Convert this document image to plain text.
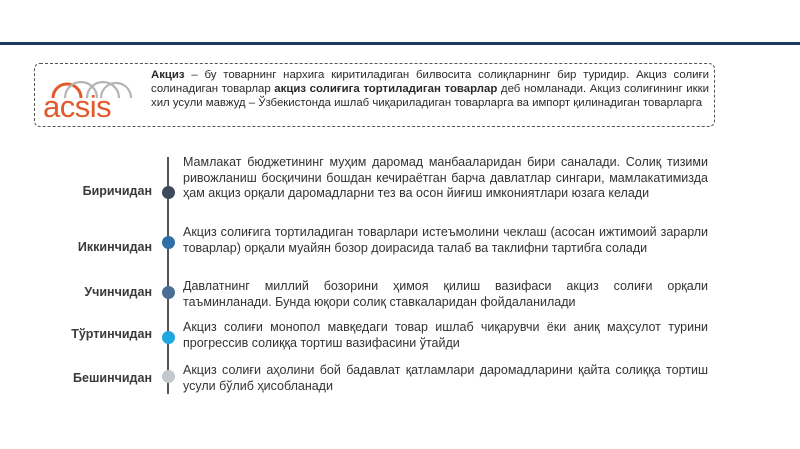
acsis
Акциз – бу товарнинг нархига киритиладиган билвосита солиқларнинг бир туридир. Акциз солиғи солинадиган товарлар акциз солиғига тортиладиган товарлар деб номланади. Акциз солиғининг икки хил усули мавжуд – Ўзбекистонда ишлаб чиқариладиган товарларга ва импорт қилинадиган товарларга
Биричидан
Мамлакат бюджетининг муҳим даромад манбааларидан бири саналади. Солиқ тизими ривожланиш босқичини бошдан кечираётган барча давлатлар сингари, мамлакатимизда ҳам акциз орқали даромадларни тез ва осон йиғиш имкониятлари юзага келади
Иккинчидан
Акциз солиғига тортиладиган товарлари истеъмолини чеклаш (асосан ижтимоий зарарли товарлар) орқали муайян бозор доирасида талаб ва таклифни тартибга солади
Учинчидан Давлатнинг миллий бозорини ҳимоя қилиш вазифаси акциз солиғи орқали таъминланади. Бунда юқори солиқ ставкаларидан фойдаланилади
Тўртинчидан Акциз солиғи монопол мавқедаги товар ишлаб чиқарувчи ёки аниқ маҳсулот турини прогрессив солиққа тортиш вазифасини ўтайди
Бешинчидан
Акциз солиғи аҳолини бой бадавлат қатламлари даромадларини қайта солиққа тортиш усули бўлиб ҳисобланади
